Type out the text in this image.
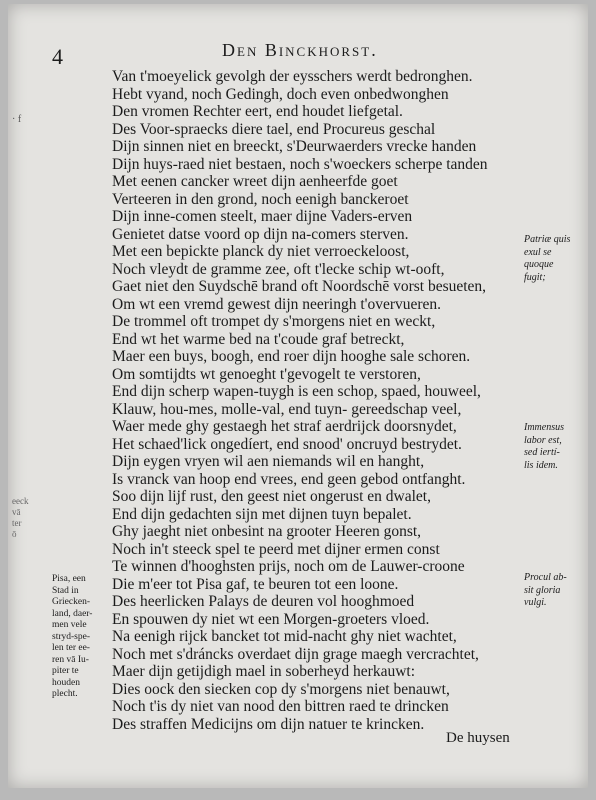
· f
eeck
vā
ter
ō
4	Den Binckhorst.
Van t'moeyelick gevolgh der eysschers werdt bedronghen.
Hebt vyand, noch Gedingh, doch even onbedwonghen
Den vromen Rechter eert, end houdet liefgetal.
Des Voor-spraecks diere tael, end Procureus geschal
Dijn sinnen niet en breeckt, s'Deurwaerders vrecke handen
Dijn huys-raed niet bestaen, noch s'woeckers scherpe tanden
Met eenen cancker wreet dijn aenheerfde goet
Verteeren in den grond, noch eenigh banckeroet
Dijn inne-comen steelt, maer dijne Vaders-erven
Genietet datse voord op dijn na-comers sterven.
Met een bepickte planck dy niet verroeckeloost,
Noch vleydt de gramme zee, oft t'lecke schip wt-ooft,
Gaet niet den Suydschē brand oft Noordschē vorst besueten,
Om wt een vremd gewest dijn neeringh t'overvueren.
De trommel oft trompet dy s'morgens niet en weckt,
End wt het warme bed na t'coude graf betreckt,
Maer een buys, boogh, end roer dijn hooghe sale schoren.
Om somtijdts wt genoeght t'gevogelt te verstoren,
End dijn scherp wapen-tuygh is een schop, spaed, houweel,
Klauw, hou-mes, molle-val, end tuyn- gereedschap veel,
Waer mede ghy gestaegh het straf aerdrijck doorsnydet,
Het schaed'lick ongedíert, end snood' oncruyd bestrydet.
Dijn eygen vryen wil aen niemands wil en hanght,
Is vranck van hoop end vrees, end geen gebod ontfanght.
Soo dijn lijf rust, den geest niet ongerust en dwalet,
End dijn gedachten sijn met dijnen tuyn bepalet.
Ghy jaeght niet onbesint na grooter Heeren gonst,
Noch in't steeck spel te peerd met dijner ermen const
Te winnen d'hooghsten prijs, noch om de Lauwer-croone
Die m'eer tot Pisa gaf, te beuren tot een loone.
Des heerlicken Palays de deuren vol hooghmoed
En spouwen dy niet wt een Morgen-groeters vloed.
Na eenigh rijck bancket tot mid-nacht ghy niet wachtet,
Noch met s'dráncks overdaet dijn grage maegh vercrachtet,
Maer dijn getijdigh mael in soberheyd herkauwt:
Dies oock den siecken cop dy s'morgens niet benauwt,
Noch t'is dy niet van nood den bittren raed te drincken
Des straffen Medicijns om dijn natuer te krincken.
Patriæ quis
exul se
quoque
fugit;
Immensus
labor est,
sed iertí-
lis idem.
Procul ab-
sit gloria
vulgi.
Pisa, een
Stad in
Griecken-
land, daer-
men vele
stryd-spe-
len ter ee-
ren vā Iu-
piter te
houden
plecht.
De huysen
